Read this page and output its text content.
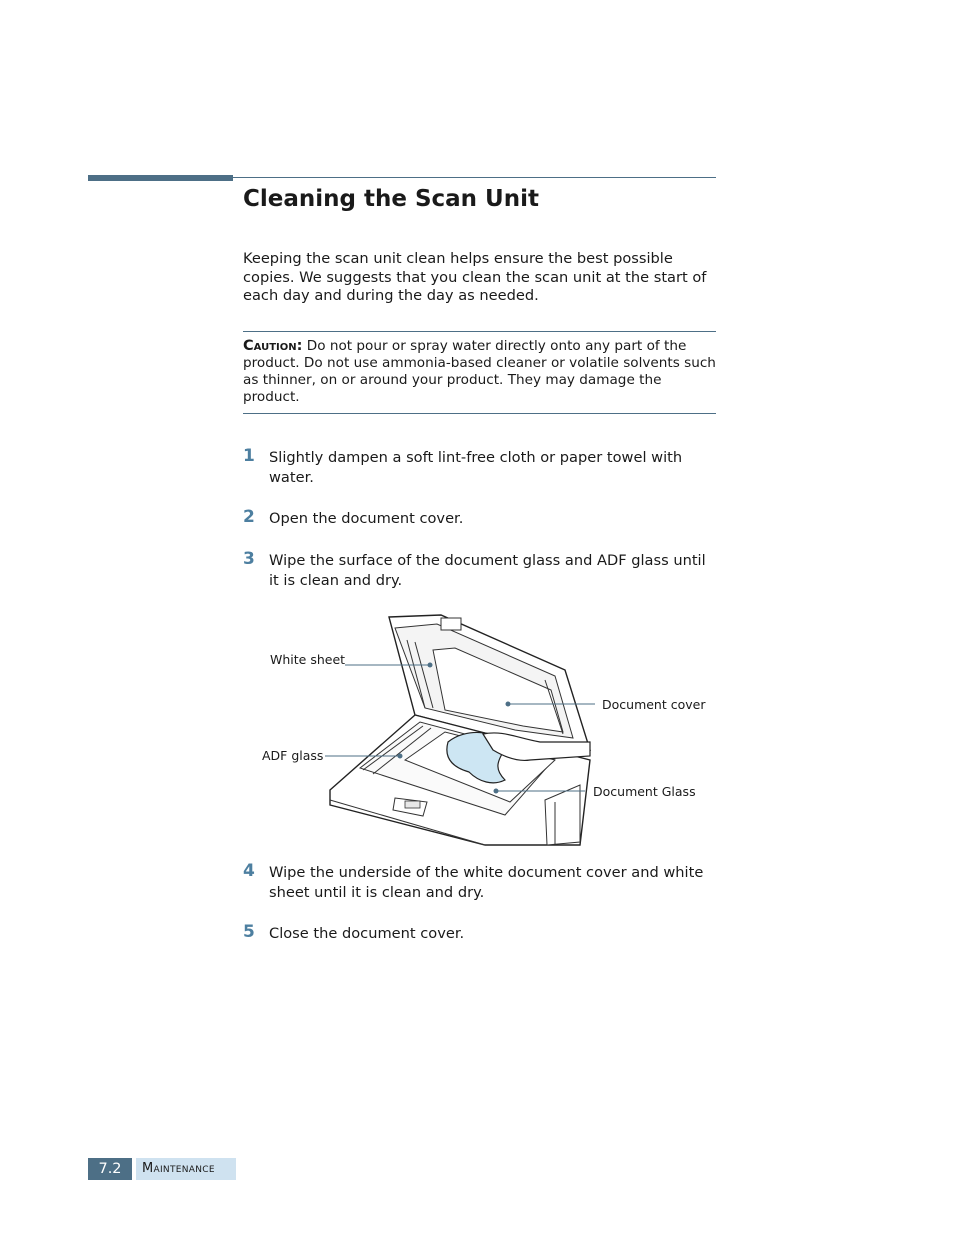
Cleaning the Scan Unit

Keeping the scan unit clean helps ensure the best possible copies. We suggests that you clean the scan unit at the start of each day and during the day as needed.

Caution: Do not pour or spray water directly onto any part of the product. Do not use ammonia-based cleaner or volatile solvents such as thinner, on or around your product. They may damage the product.
1 Slightly dampen a soft lint-free cloth or paper towel with water.
2 Open the document cover.
3 Wipe the surface of the document glass and ADF glass until it is clean and dry.
White sheet
Document cover
ADF glass
Document Glass
4 Wipe the underside of the white document cover and white sheet until it is clean and dry.
5 Close the document cover.
7.2	Maintenance
